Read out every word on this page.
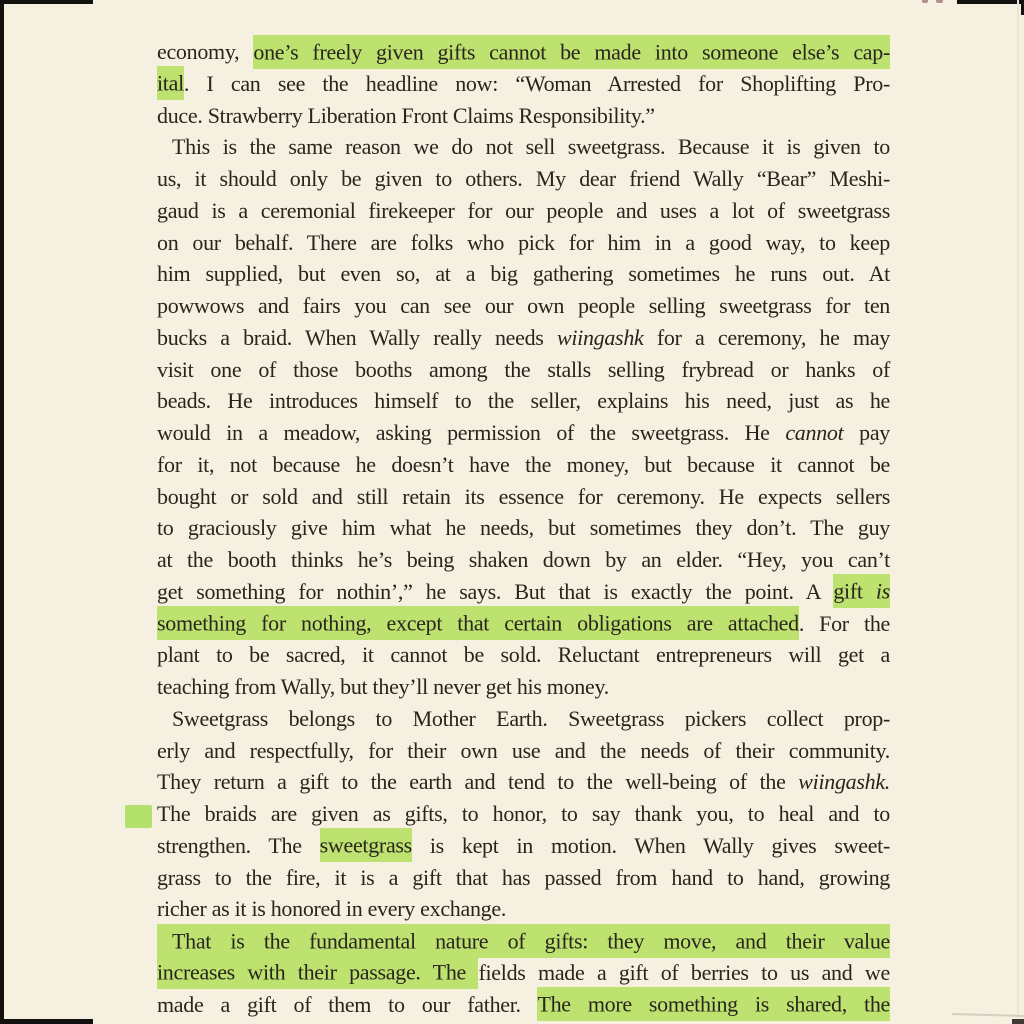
economy, one’s freely given gifts cannot be made into someone else’s cap-
ital. I can see the headline now: “Woman Arrested for Shoplifting Pro-
duce. Strawberry Liberation Front Claims Responsibility.”
This is the same reason we do not sell sweetgrass. Because it is given to
us, it should only be given to others. My dear friend Wally “Bear” Meshi-
gaud is a ceremonial firekeeper for our people and uses a lot of sweetgrass
on our behalf. There are folks who pick for him in a good way, to keep
him supplied, but even so, at a big gathering sometimes he runs out. At
powwows and fairs you can see our own people selling sweetgrass for ten
bucks a braid. When Wally really needs wiingashk for a ceremony, he may
visit one of those booths among the stalls selling frybread or hanks of
beads. He introduces himself to the seller, explains his need, just as he
would in a meadow, asking permission of the sweetgrass. He cannot pay
for it, not because he doesn’t have the money, but because it cannot be
bought or sold and still retain its essence for ceremony. He expects sellers
to graciously give him what he needs, but sometimes they don’t. The guy
at the booth thinks he’s being shaken down by an elder. “Hey, you can’t
get something for nothin’,” he says. But that is exactly the point. A gift is
something for nothing, except that certain obligations are attached. For the
plant to be sacred, it cannot be sold. Reluctant entrepreneurs will get a
teaching from Wally, but they’ll never get his money.
Sweetgrass belongs to Mother Earth. Sweetgrass pickers collect prop-
erly and respectfully, for their own use and the needs of their community.
They return a gift to the earth and tend to the well-being of the wiingashk.
The braids are given as gifts, to honor, to say thank you, to heal and to
strengthen. The sweetgrass is kept in motion. When Wally gives sweet-
grass to the fire, it is a gift that has passed from hand to hand, growing
richer as it is honored in every exchange.
That is the fundamental nature of gifts: they move, and their value
increases with their passage. The fields made a gift of berries to us and we
made a gift of them to our father. The more something is shared, the
